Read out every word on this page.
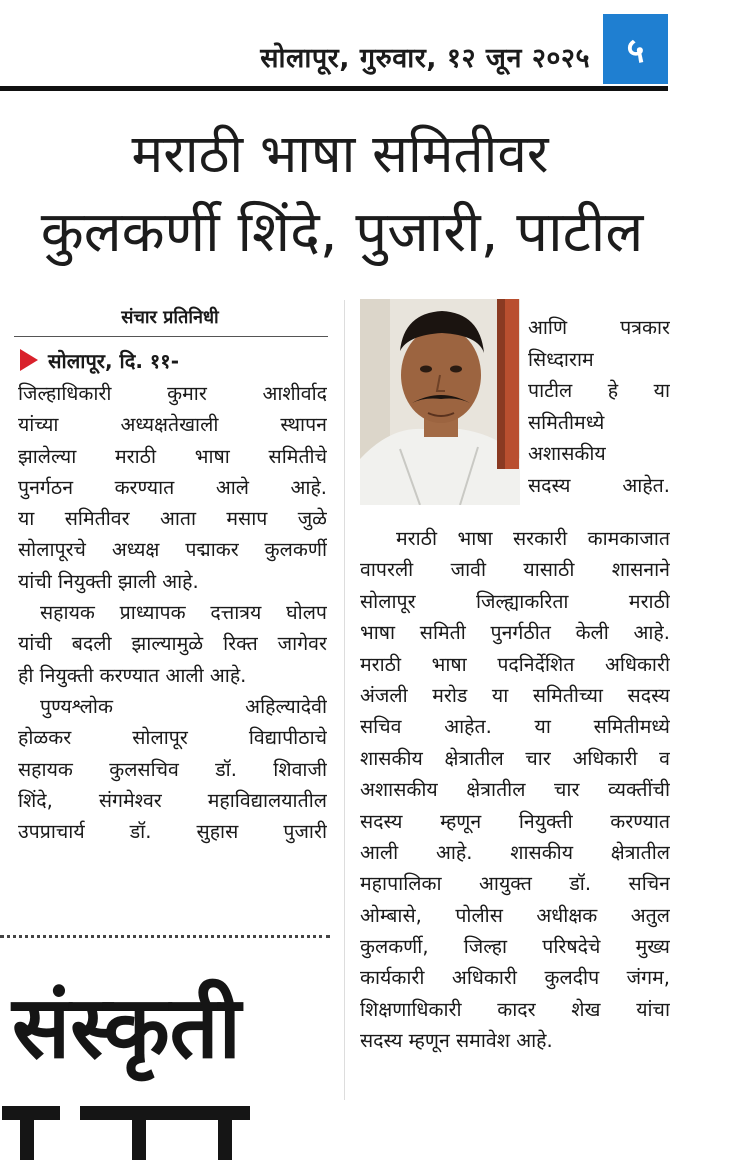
सोलापूर, गुरुवार, १२ जून २०२५ ५
मराठी भाषा समितीवर
कुलकर्णी शिंदे, पुजारी, पाटील
संचार प्रतिनिधी
सोलापूर, दि. ११-
जिल्हाधिकारी कुमार आशीर्वाद
यांच्या अध्यक्षतेखाली स्थापन
झालेल्या मराठी भाषा समितीचे
पुनर्गठन करण्यात आले आहे.
या समितीवर आता मसाप जुळे
सोलापूरचे अध्यक्ष पद्माकर कुलकर्णी
यांची नियुक्ती झाली आहे.
सहायक प्राध्यापक दत्तात्रय घोलप
यांची बदली झाल्यामुळे रिक्त जागेवर
ही नियुक्ती करण्यात आली आहे.
पुण्यश्लोक अहिल्यादेवी
होळकर सोलापूर विद्यापीठाचे
सहायक कुलसचिव डॉ. शिवाजी
शिंदे, संगमेश्वर महाविद्यालयातील
उपप्राचार्य डॉ. सुहास पुजारी
संस्कृती
आणि पत्रकार
सिध्दाराम
पाटील हे या
समितीमध्ये
अशासकीय
सदस्य आहेत.
मराठी भाषा सरकारी कामकाजात
वापरली जावी यासाठी शासनाने
सोलापूर जिल्ह्याकरिता मराठी
भाषा समिती पुनर्गठीत केली आहे.
मराठी भाषा पदनिर्देशित अधिकारी
अंजली मरोड या समितीच्या सदस्य
सचिव आहेत. या समितीमध्ये
शासकीय क्षेत्रातील चार अधिकारी व
अशासकीय क्षेत्रातील चार व्यक्तींची
सदस्य म्हणून नियुक्ती करण्यात
आली आहे. शासकीय क्षेत्रातील
महापालिका आयुक्त डॉ. सचिन
ओम्बासे, पोलीस अधीक्षक अतुल
कुलकर्णी, जिल्हा परिषदेचे मुख्य
कार्यकारी अधिकारी कुलदीप जंगम,
शिक्षणाधिकारी कादर शेख यांचा
सदस्य म्हणून समावेश आहे.
